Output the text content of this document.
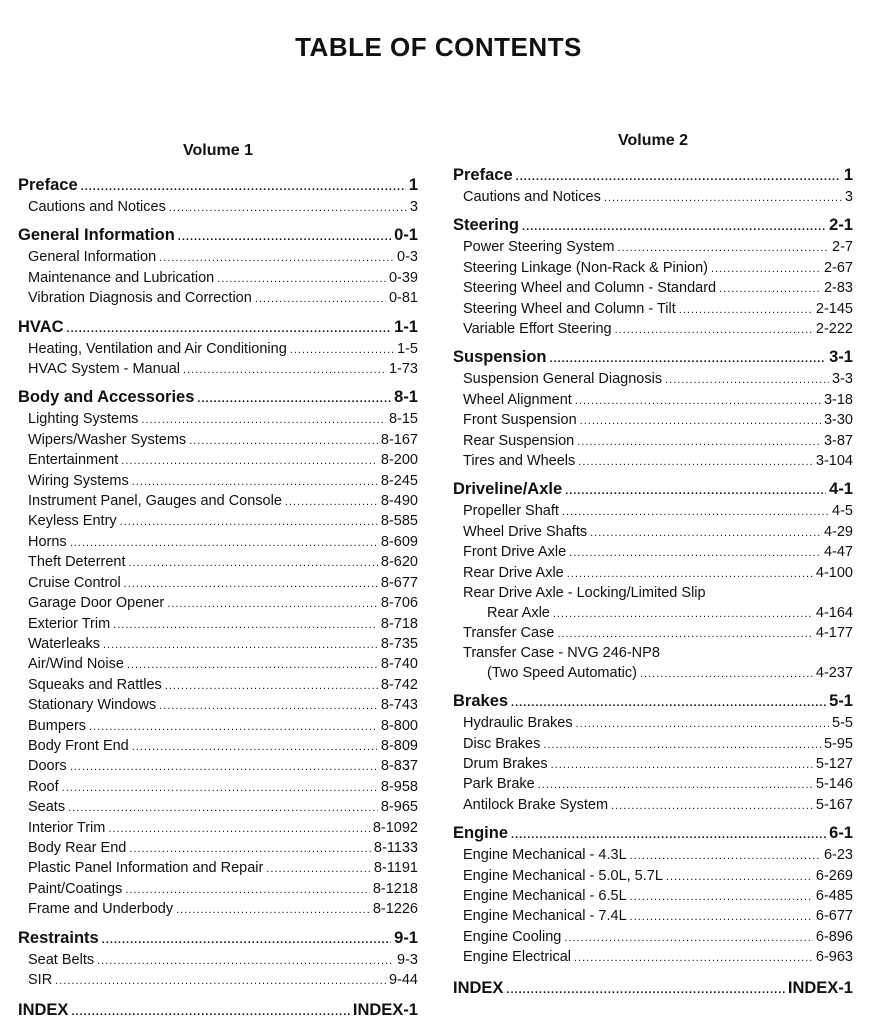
TABLE OF CONTENTS
Volume 1
Preface .....	1
Cautions and Notices .....	3
General Information .....	0-1
General Information .....	0-3
Maintenance and Lubrication .....	0-39
Vibration Diagnosis and Correction .....	0-81
HVAC .....	1-1
Heating, Ventilation and Air Conditioning .....	1-5
HVAC System - Manual .....	1-73
Body and Accessories .....	8-1
Lighting Systems .....	8-15
Wipers/Washer Systems .....	8-167
Entertainment .....	8-200
Wiring Systems .....	8-245
Instrument Panel, Gauges and Console .....	8-490
Keyless Entry .....	8-585
Horns .....	8-609
Theft Deterrent .....	8-620
Cruise Control .....	8-677
Garage Door Opener .....	8-706
Exterior Trim .....	8-718
Waterleaks .....	8-735
Air/Wind Noise .....	8-740
Squeaks and Rattles .....	8-742
Stationary Windows .....	8-743
Bumpers .....	8-800
Body Front End .....	8-809
Doors .....	8-837
Roof .....	8-958
Seats .....	8-965
Interior Trim .....	8-1092
Body Rear End .....	8-1133
Plastic Panel Information and Repair .....	8-1191
Paint/Coatings .....	8-1218
Frame and Underbody .....	8-1226
Restraints .....	9-1
Seat Belts .....	9-3
SIR .....	9-44
INDEX .....	INDEX-1
Volume 2
Preface .....	1
Cautions and Notices .....	3
Steering .....	2-1
Power Steering System .....	2-7
Steering Linkage (Non-Rack & Pinion) .....	2-67
Steering Wheel and Column - Standard .....	2-83
Steering Wheel and Column - Tilt .....	2-145
Variable Effort Steering .....	2-222
Suspension .....	3-1
Suspension General Diagnosis .....	3-3
Wheel Alignment .....	3-18
Front Suspension .....	3-30
Rear Suspension .....	3-87
Tires and Wheels .....	3-104
Driveline/Axle .....	4-1
Propeller Shaft .....	4-5
Wheel Drive Shafts .....	4-29
Front Drive Axle .....	4-47
Rear Drive Axle .....	4-100
Rear Drive Axle - Locking/Limited Slip
Rear Axle .....	4-164
Transfer Case .....	4-177
Transfer Case - NVG 246-NP8
(Two Speed Automatic) .....	4-237
Brakes .....	5-1
Hydraulic Brakes .....	5-5
Disc Brakes .....	5-95
Drum Brakes .....	5-127
Park Brake .....	5-146
Antilock Brake System .....	5-167
Engine .....	6-1
Engine Mechanical - 4.3L .....	6-23
Engine Mechanical - 5.0L, 5.7L .....	6-269
Engine Mechanical - 6.5L .....	6-485
Engine Mechanical - 7.4L .....	6-677
Engine Cooling .....	6-896
Engine Electrical .....	6-963
INDEX .....	INDEX-1
